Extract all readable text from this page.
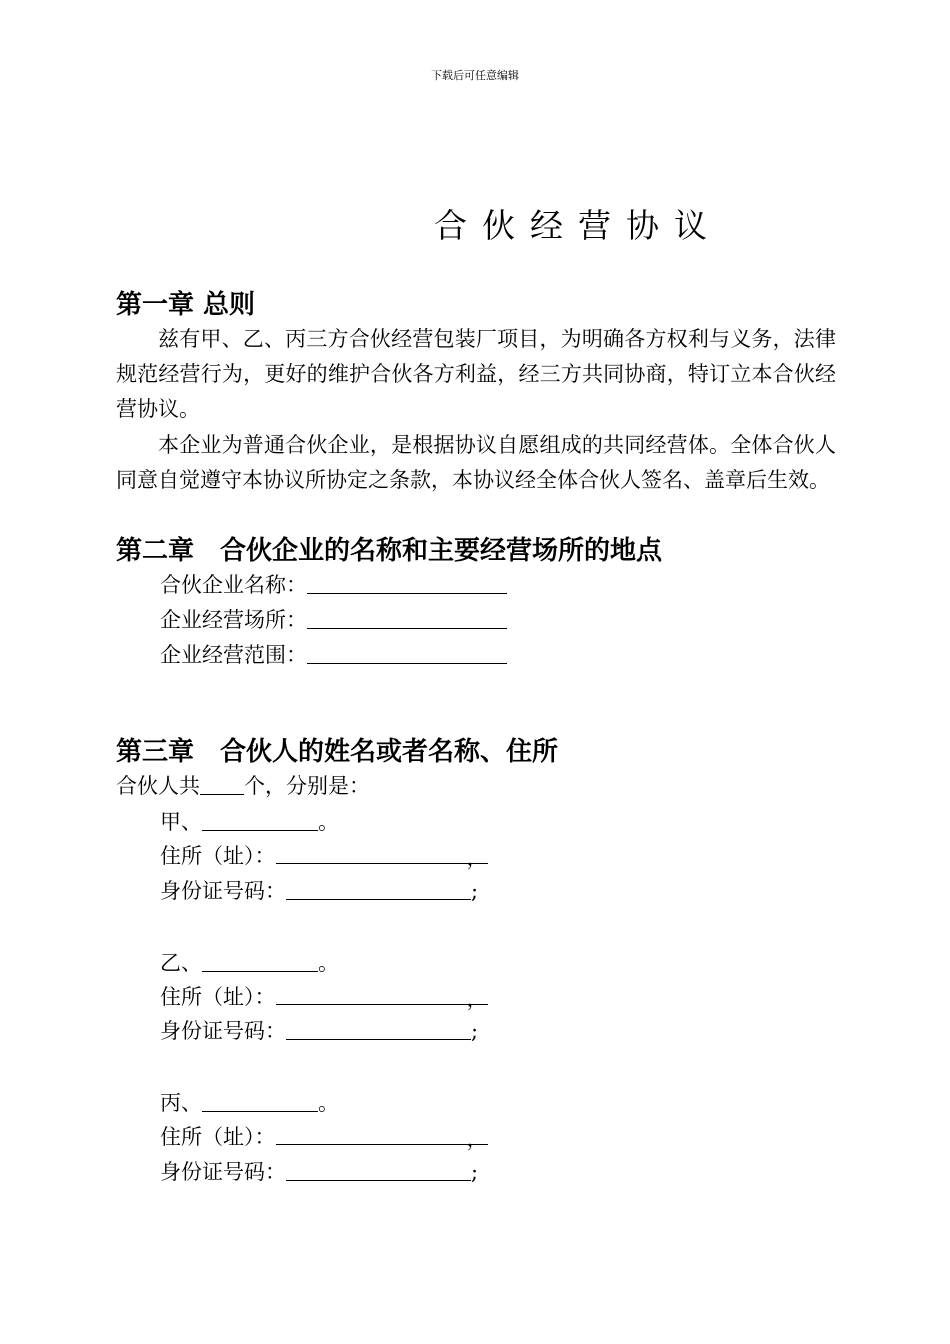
下载后可任意编辑
合伙经营协议
第一章 总则
兹有甲、乙、丙三方合伙经营包装厂项目，为明确各方权利与义务，法律规范经营行为，更好的维护合伙各方利益，经三方共同协商，特订立本合伙经营协议。
本企业为普通合伙企业，是根据协议自愿组成的共同经营体。全体合伙人同意自觉遵守本协议所协定之条款，本协议经全体合伙人签名、盖章后生效。
第二章　合伙企业的名称和主要经营场所的地点
合伙企业名称：
企业经营场所：
企业经营范围：
第三章　合伙人的姓名或者名称、住所
合伙人共 个，分别是：
甲、	。
住所（址）：	，
身份证号码：	;
乙、	。
住所（址）：	，
身份证号码：	;
丙、	。
住所（址）：	，
身份证号码：	;
